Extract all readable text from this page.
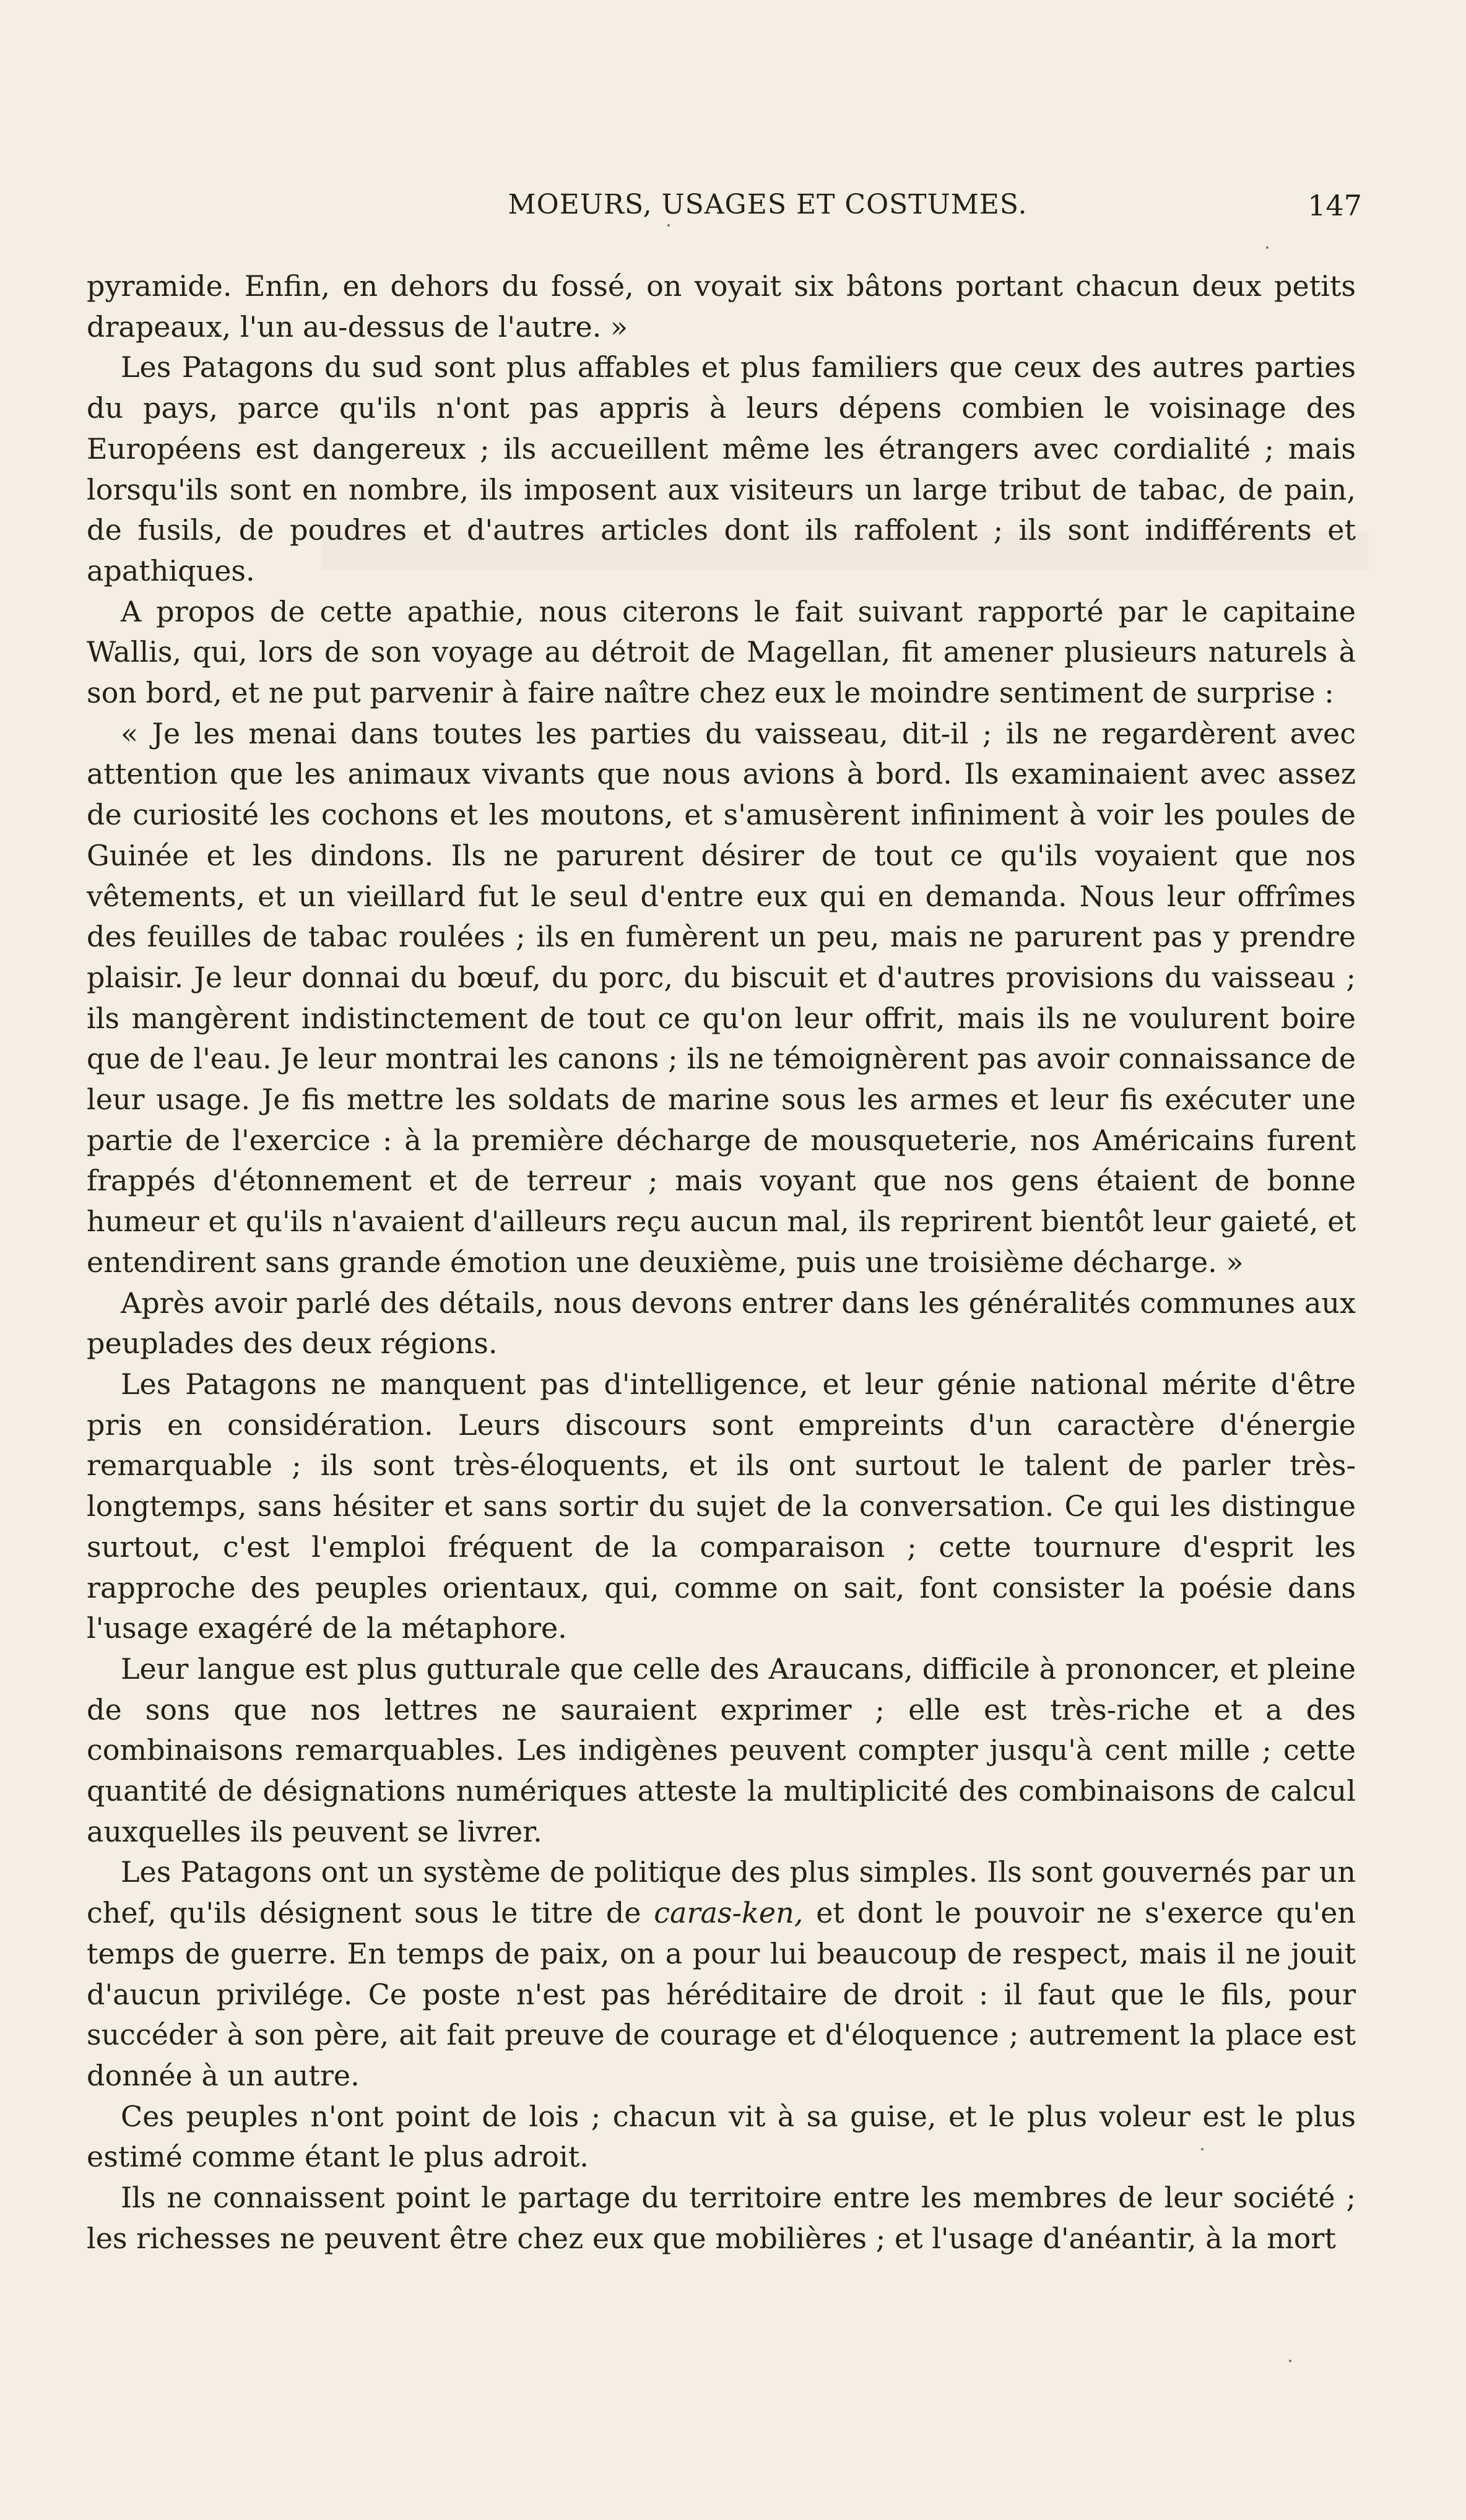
MOEURS, USAGES ET COSTUMES.	147

pyramide. Enfin, en dehors du fossé, on voyait six bâtons portant chacun deux petits drapeaux, l'un au-dessus de l'autre. »

Les Patagons du sud sont plus affables et plus familiers que ceux des autres parties du pays, parce qu'ils n'ont pas appris à leurs dépens combien le voisinage des Européens est dangereux ; ils accueillent même les étrangers avec cordialité ; mais lorsqu'ils sont en nombre, ils imposent aux visiteurs un large tribut de tabac, de pain, de fusils, de poudres et d'autres articles dont ils raffolent ; ils sont indifférents et apathiques.

A propos de cette apathie, nous citerons le fait suivant rapporté par le capitaine Wallis, qui, lors de son voyage au détroit de Magellan, fit amener plusieurs naturels à son bord, et ne put parvenir à faire naître chez eux le moindre sentiment de surprise :

« Je les menai dans toutes les parties du vaisseau, dit-il ; ils ne regardèrent avec attention que les animaux vivants que nous avions à bord. Ils examinaient avec assez de curiosité les cochons et les moutons, et s'amusèrent infiniment à voir les poules de Guinée et les dindons. Ils ne parurent désirer de tout ce qu'ils voyaient que nos vêtements, et un vieillard fut le seul d'entre eux qui en demanda. Nous leur offrîmes des feuilles de tabac roulées ; ils en fumèrent un peu, mais ne parurent pas y prendre plaisir. Je leur donnai du bœuf, du porc, du biscuit et d'autres provisions du vaisseau ; ils mangèrent indistinctement de tout ce qu'on leur offrit, mais ils ne voulurent boire que de l'eau. Je leur montrai les canons ; ils ne témoignèrent pas avoir connaissance de leur usage. Je fis mettre les soldats de marine sous les armes et leur fis exécuter une partie de l'exercice : à la première décharge de mousqueterie, nos Américains furent frappés d'étonnement et de terreur ; mais voyant que nos gens étaient de bonne humeur et qu'ils n'avaient d'ailleurs reçu aucun mal, ils reprirent bientôt leur gaieté, et entendirent sans grande émotion une deuxième, puis une troisième décharge. »

Après avoir parlé des détails, nous devons entrer dans les généralités communes aux peuplades des deux régions.

Les Patagons ne manquent pas d'intelligence, et leur génie national mérite d'être pris en considération. Leurs discours sont empreints d'un caractère d'énergie remarquable ; ils sont très-éloquents, et ils ont surtout le talent de parler très-longtemps, sans hésiter et sans sortir du sujet de la conversation. Ce qui les distingue surtout, c'est l'emploi fréquent de la comparaison ; cette tournure d'esprit les rapproche des peuples orientaux, qui, comme on sait, font consister la poésie dans l'usage exagéré de la métaphore.

Leur langue est plus gutturale que celle des Araucans, difficile à prononcer, et pleine de sons que nos lettres ne sauraient exprimer ; elle est très-riche et a des combinaisons remarquables. Les indigènes peuvent compter jusqu'à cent mille ; cette quantité de désignations numériques atteste la multiplicité des combinaisons de calcul auxquelles ils peuvent se livrer.

Les Patagons ont un système de politique des plus simples. Ils sont gouvernés par un chef, qu'ils désignent sous le titre de caras-ken, et dont le pouvoir ne s'exerce qu'en temps de guerre. En temps de paix, on a pour lui beaucoup de respect, mais il ne jouit d'aucun privilége. Ce poste n'est pas héréditaire de droit : il faut que le fils, pour succéder à son père, ait fait preuve de courage et d'éloquence ; autrement la place est donnée à un autre.

Ces peuples n'ont point de lois ; chacun vit à sa guise, et le plus voleur est le plus estimé comme étant le plus adroit.

Ils ne connaissent point le partage du territoire entre les membres de leur société ; les richesses ne peuvent être chez eux que mobilières ; et l'usage d'anéantir, à la mort
